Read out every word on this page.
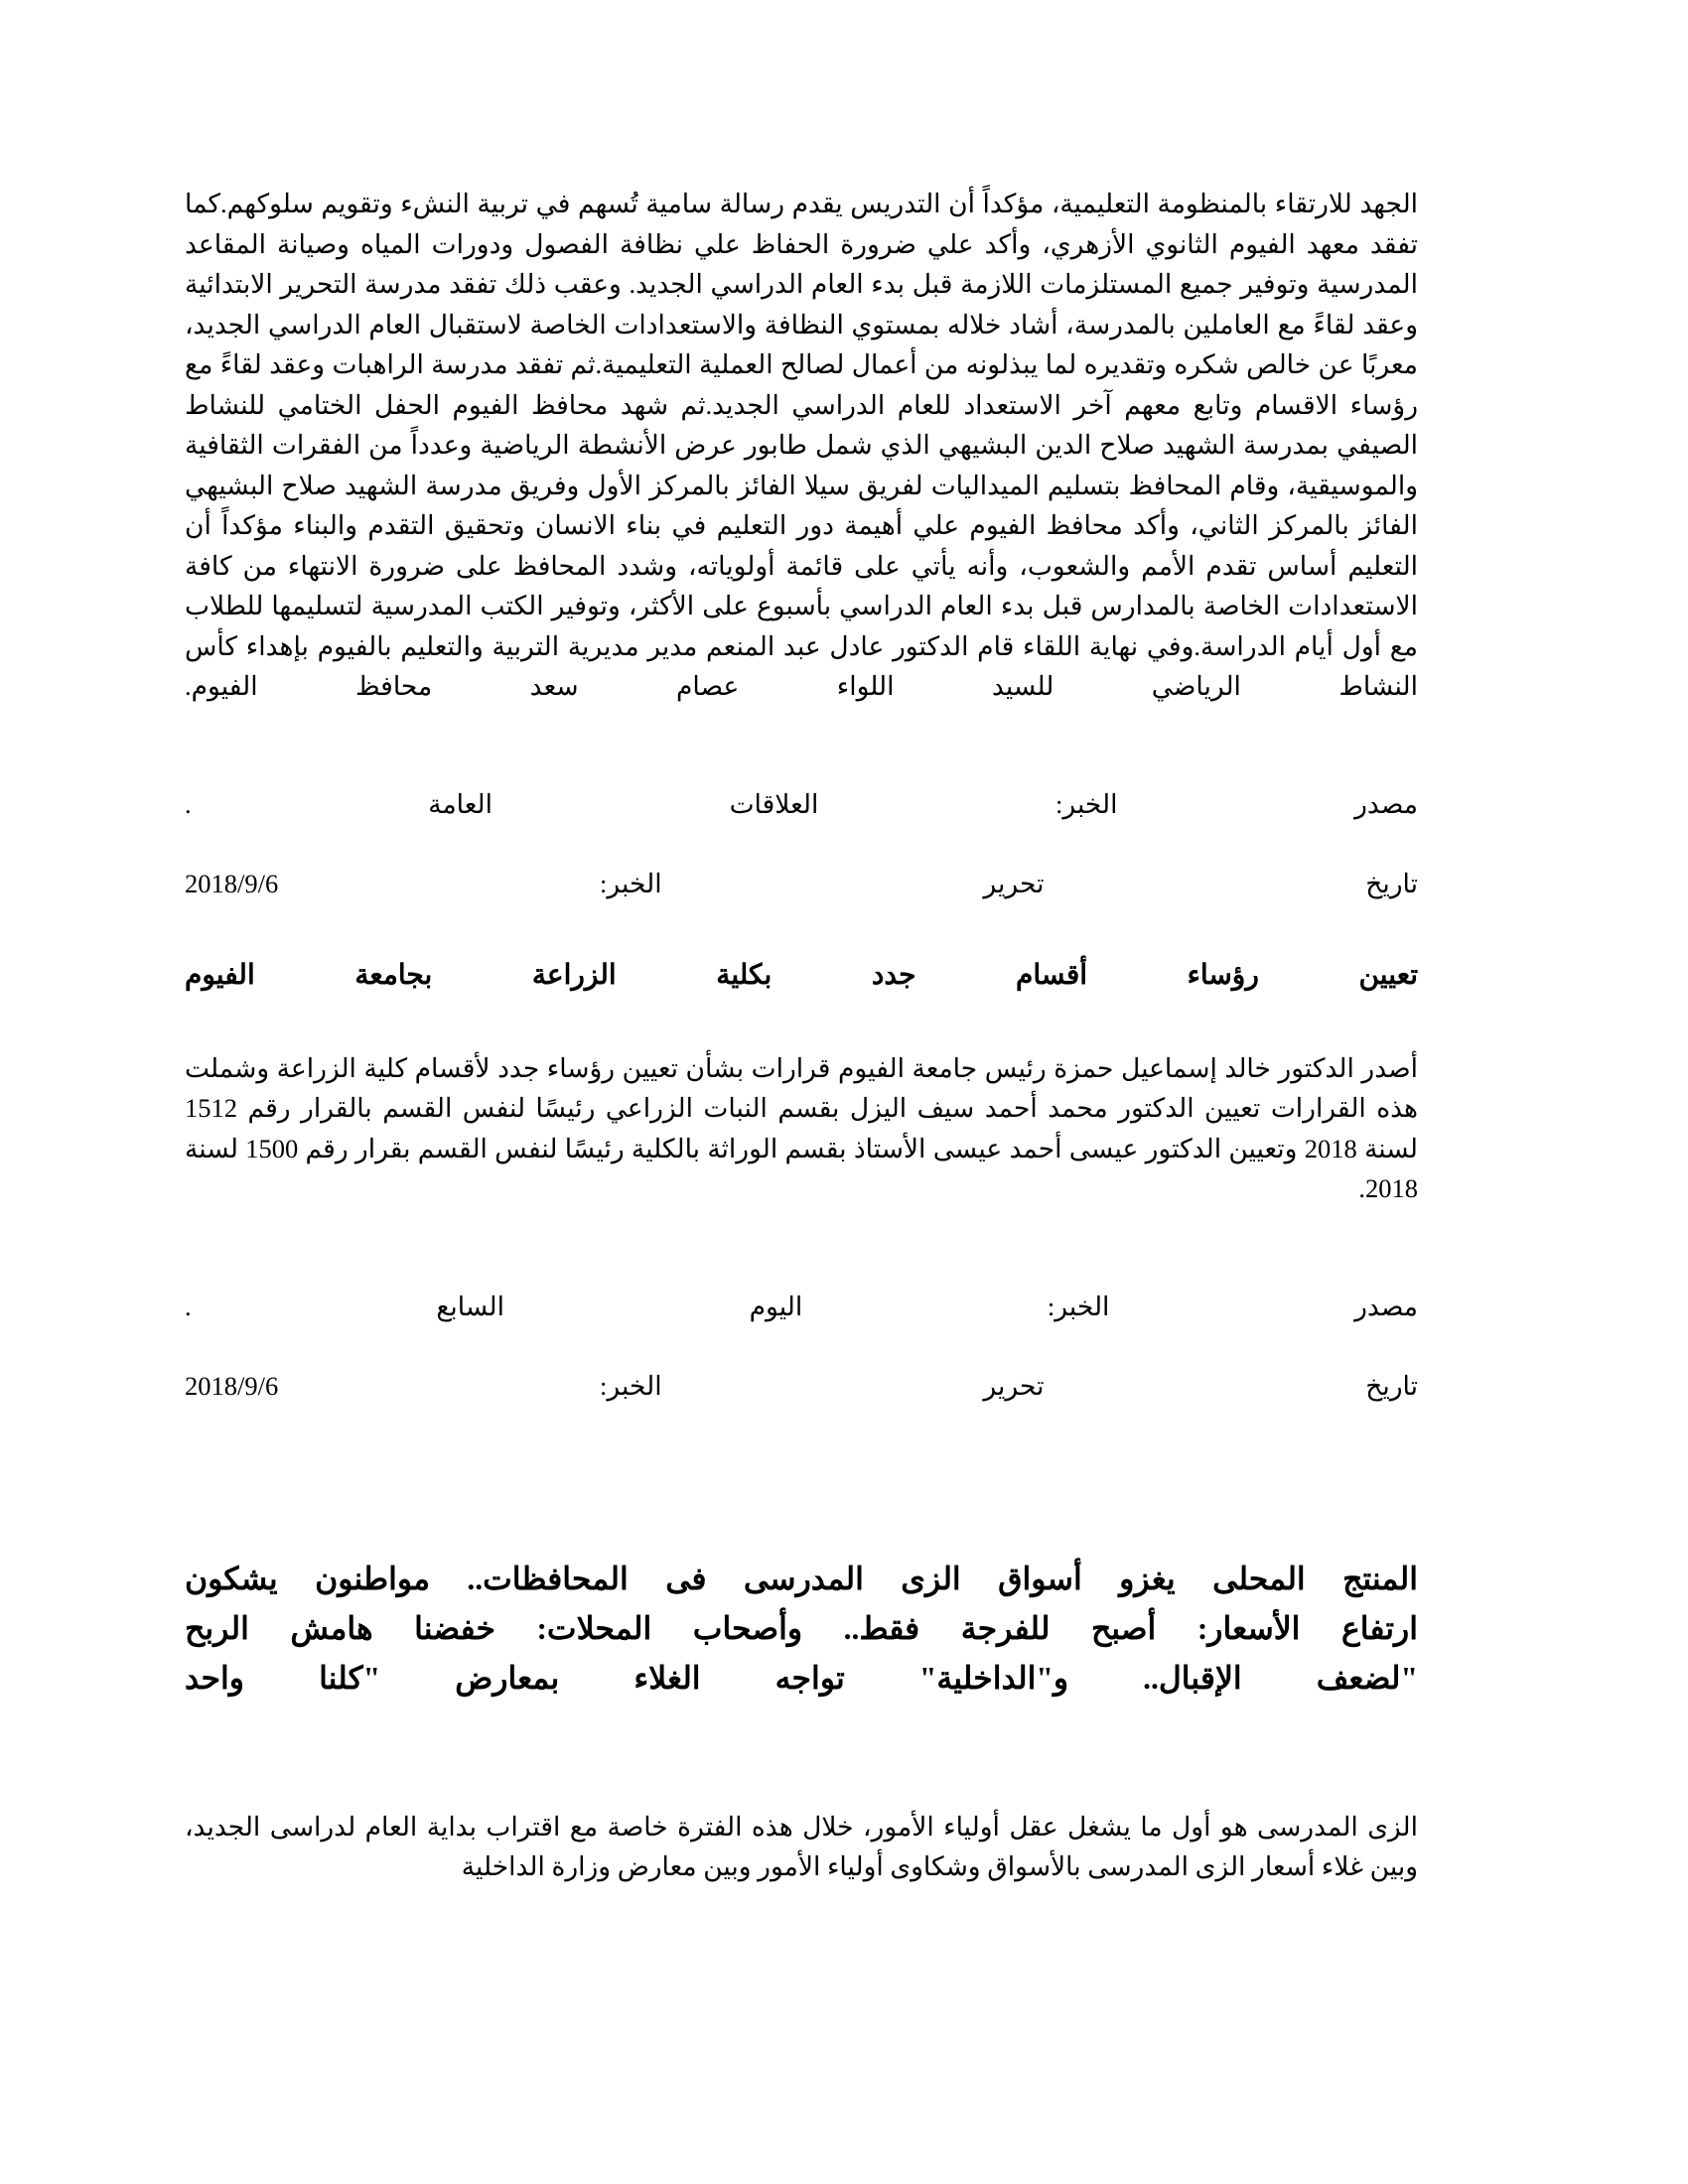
الجهد للارتقاء بالمنظومة التعليمية، مؤكداً أن التدريس يقدم رسالة سامية تُسهم في تربية النشء وتقويم سلوكهم.كما تفقد معهد الفيوم الثانوي الأزهري، وأكد علي ضرورة الحفاظ علي نظافة الفصول ودورات المياه وصيانة المقاعد المدرسية وتوفير جميع المستلزمات اللازمة قبل بدء العام الدراسي الجديد. وعقب ذلك تفقد مدرسة التحرير الابتدائية وعقد لقاءً مع العاملين بالمدرسة، أشاد خلاله بمستوي النظافة والاستعدادات الخاصة لاستقبال العام الدراسي الجديد، معربًا عن خالص شكره وتقديره لما يبذلونه من أعمال لصالح العملية التعليمية.ثم تفقد مدرسة الراهبات وعقد لقاءً مع رؤساء الاقسام وتابع معهم آخر الاستعداد للعام الدراسي الجديد.ثم شهد محافظ الفيوم الحفل الختامي للنشاط الصيفي بمدرسة الشهيد صلاح الدين البشيهي الذي شمل طابور عرض الأنشطة الرياضية وعدداً من الفقرات الثقافية والموسيقية، وقام المحافظ بتسليم الميداليات لفريق سيلا الفائز بالمركز الأول وفريق مدرسة الشهيد صلاح البشيهي الفائز بالمركز الثاني، وأكد محافظ الفيوم علي أهيمة دور التعليم في بناء الانسان وتحقيق التقدم والبناء مؤكداً أن التعليم أساس تقدم الأمم والشعوب، وأنه يأتي على قائمة أولوياته، وشدد المحافظ على ضرورة الانتهاء من كافة الاستعدادات الخاصة بالمدارس قبل بدء العام الدراسي بأسبوع على الأكثر، وتوفير الكتب المدرسية لتسليمها للطلاب مع أول أيام الدراسة.وفي نهاية اللقاء قام الدكتور عادل عبد المنعم مدير مديرية التربية والتعليم بالفيوم بإهداء كأس النشاط الرياضي للسيد اللواء عصام سعد محافظ الفيوم.

مصدر الخبر: العلاقات العامة .

تاريخ تحرير الخبر: 2018/9/6

تعيين رؤساء أقسام جدد بكلية الزراعة بجامعة الفيوم

أصدر الدكتور خالد إسماعيل حمزة رئيس جامعة الفيوم قرارات بشأن تعيين رؤساء جدد لأقسام كلية الزراعة وشملت هذه القرارات تعيين الدكتور محمد أحمد سيف اليزل بقسم النبات الزراعي رئيسًا لنفس القسم بالقرار رقم 1512 لسنة 2018 وتعيين الدكتور عيسى أحمد عيسى الأستاذ بقسم الوراثة بالكلية رئيسًا لنفس القسم بقرار رقم 1500 لسنة 2018.

مصدر الخبر: اليوم السابع .

تاريخ تحرير الخبر: 2018/9/6

المنتج المحلى يغزو أسواق الزى المدرسى فى المحافظات.. مواطنون يشكون
ارتفاع الأسعار: أصبح للفرجة فقط.. وأصحاب المحلات: خفضنا هامش الربح
"لضعف الإقبال.. و"الداخلية" تواجه الغلاء بمعارض "كلنا واحد

الزى المدرسى هو أول ما يشغل عقل أولياء الأمور، خلال هذه الفترة خاصة مع اقتراب بداية العام لدراسى الجديد، وبين غلاء أسعار الزى المدرسى بالأسواق وشكاوى أولياء الأمور وبين معارض وزارة الداخلية
